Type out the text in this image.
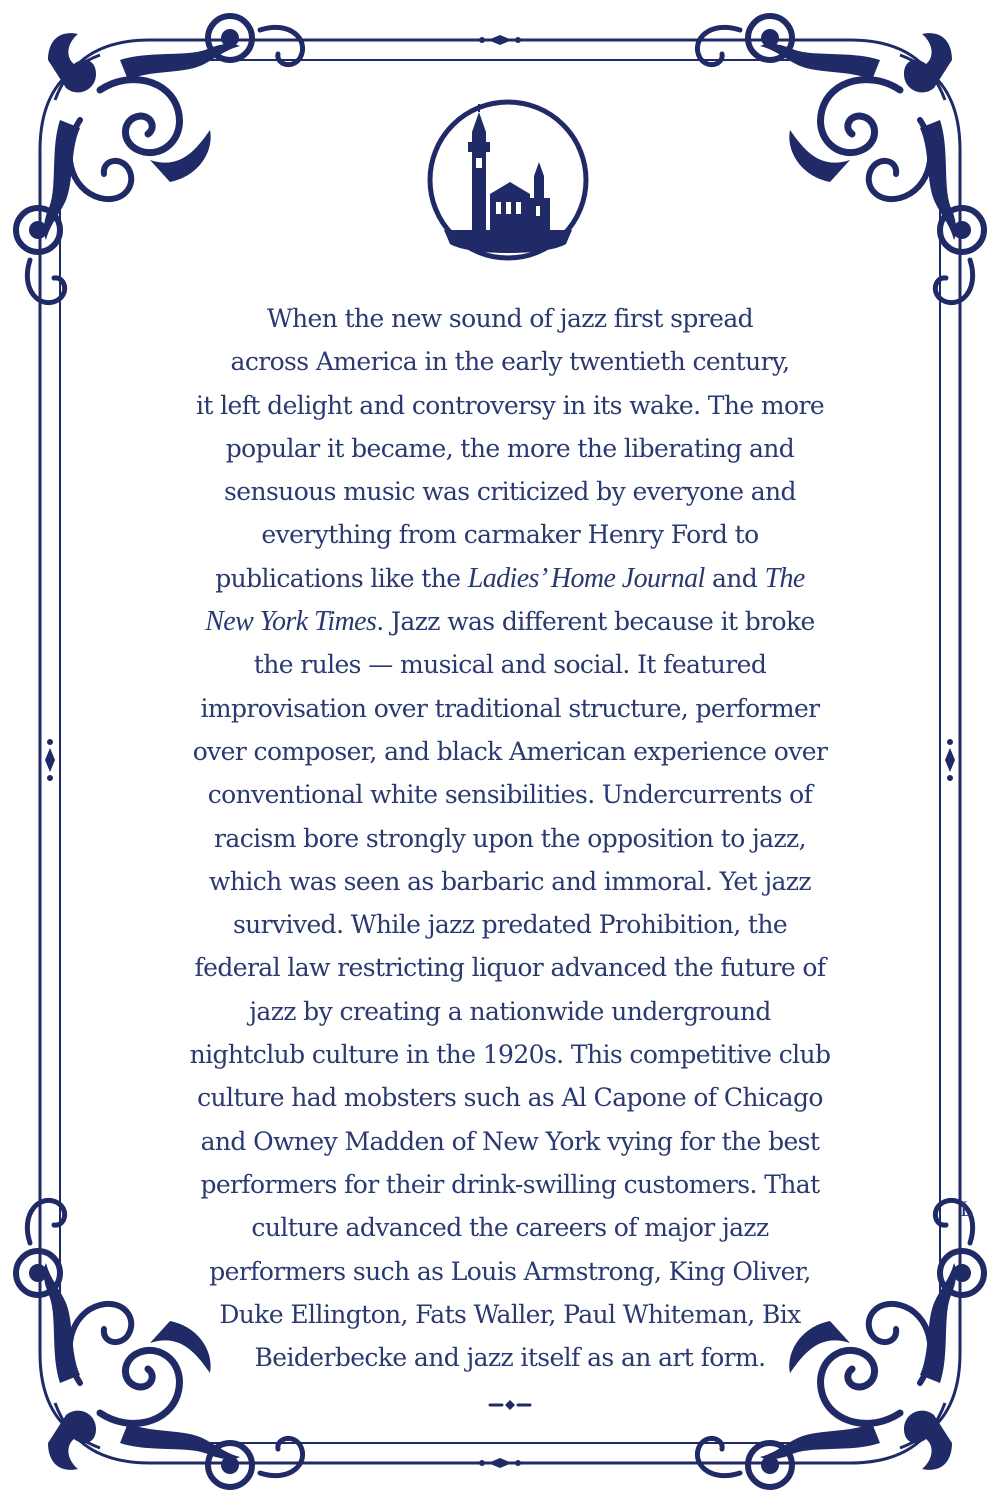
When the new sound of jazz first spread
across America in the early twentieth century,
it left delight and controversy in its wake. The more
popular it became, the more the liberating and
sensuous music was criticized by everyone and
everything from carmaker Henry Ford to
publications like the Ladies’ Home Journal and The
New York Times. Jazz was different because it broke
the rules — musical and social. It featured
improvisation over traditional structure, performer
over composer, and black American experience over
conventional white sensibilities. Undercurrents of
racism bore strongly upon the opposition to jazz,
which was seen as barbaric and immoral. Yet jazz
survived. While jazz predated Prohibition, the
federal law restricting liquor advanced the future of
jazz by creating a nationwide underground
nightclub culture in the 1920s. This competitive club
culture had mobsters such as Al Capone of Chicago
and Owney Madden of New York vying for the best
performers for their drink-swilling customers. That
culture advanced the careers of major jazz
performers such as Louis Armstrong, King Oliver,
Duke Ellington, Fats Waller, Paul Whiteman, Bix
Beiderbecke and jazz itself as an art form.

L
